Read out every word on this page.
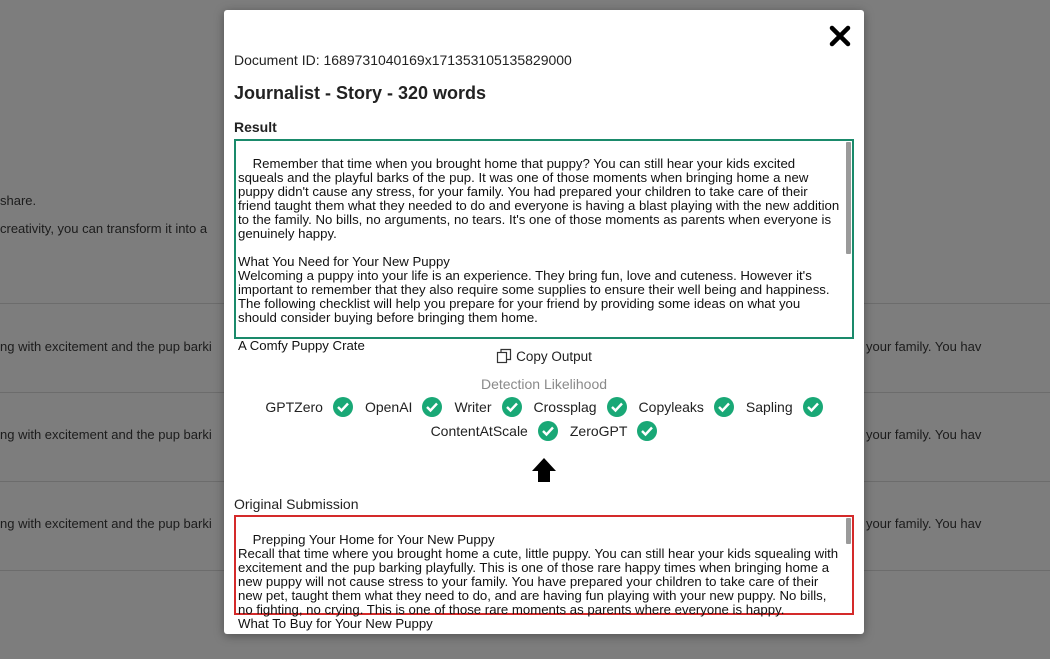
share.
creativity, you can transform it into a
ng with excitement and the pup barki	your family. You hav
ng with excitement and the pup barki	your family. You hav
ng with excitement and the pup barki	your family. You hav
Document ID: 1689731040169x171353105135829000
Journalist - Story - 320 words
Result

Remember that time when you brought home that puppy? You can still hear your kids excited squeals and the playful barks of the pup. It was one of those moments when bringing home a new puppy didn't cause any stress, for your family. You had prepared your children to take care of their friend taught them what they needed to do and everyone is having a blast playing with the new addition to the family. No bills, no arguments, no tears. It's one of those moments as parents when everyone is genuinely happy.

What You Need for Your New Puppy
Welcoming a puppy into your life is an experience. They bring fun, love and cuteness. However it's important to remember that they also require some supplies to ensure their well being and happiness. The following checklist will help you prepare for your friend by providing some ideas on what you should consider buying before bringing them home.

A Comfy Puppy Crate

Copy Output
Detection Likelihood
GPTZero	OpenAI	Writer	Crossplag	Copyleaks	Sapling
ContentAtScale	ZeroGPT
Original Submission

Prepping Your Home for Your New Puppy
Recall that time where you brought home a cute, little puppy. You can still hear your kids squealing with excitement and the pup barking playfully. This is one of those rare happy times when bringing home a new puppy will not cause stress to your family. You have prepared your children to take care of their new pet, taught them what they need to do, and are having fun playing with your new puppy. No bills, no fighting, no crying. This is one of those rare moments as parents where everyone is happy.
What To Buy for Your New Puppy
